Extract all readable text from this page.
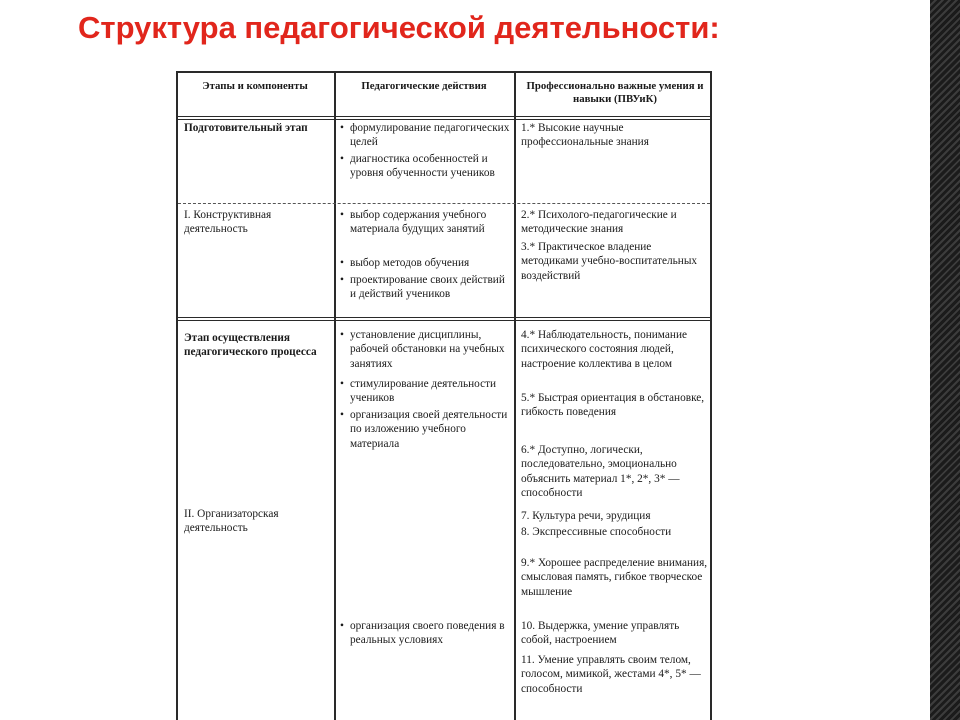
Структура педагогической деятельности:
Этапы и компоненты	Педагогические действия	Профессионально важные умения и навыки (ПВУиК)
Подготовительный этап
I. Конструктивная деятельность
Этап осуществления педагогического процесса
II. Организаторская деятельность
• формулирование педагогических целей
• диагностика особенностей и уровня обученности учеников
• выбор содержания учебного материала будущих занятий
• выбор методов обучения
• проектирование своих действий и действий учеников
• установление дисциплины, рабочей обстановки на учебных занятиях
• стимулирование деятельности учеников
• организация своей деятельности по изложению учебного материала
• организация своего поведения в реальных условиях
1.* Высокие научные профессиональные знания
2.* Психолого-педагогические и методические знания
3.* Практическое владение методиками учебно-воспитательных воздействий
4.* Наблюдательность, понимание психического состояния людей, настроение коллектива в целом
5.* Быстрая ориентация в обстановке, гибкость поведения
6.* Доступно, логически, последовательно, эмоционально объяснить материал 1*, 2*, 3* — способности
7. Культура речи, эрудиция
8. Экспрессивные способности
9.* Хорошее распределение внимания, смысловая память, гибкое творческое мышление
10. Выдержка, умение управлять собой, настроением
11. Умение управлять своим телом, голосом, мимикой, жестами 4*, 5* — способности
